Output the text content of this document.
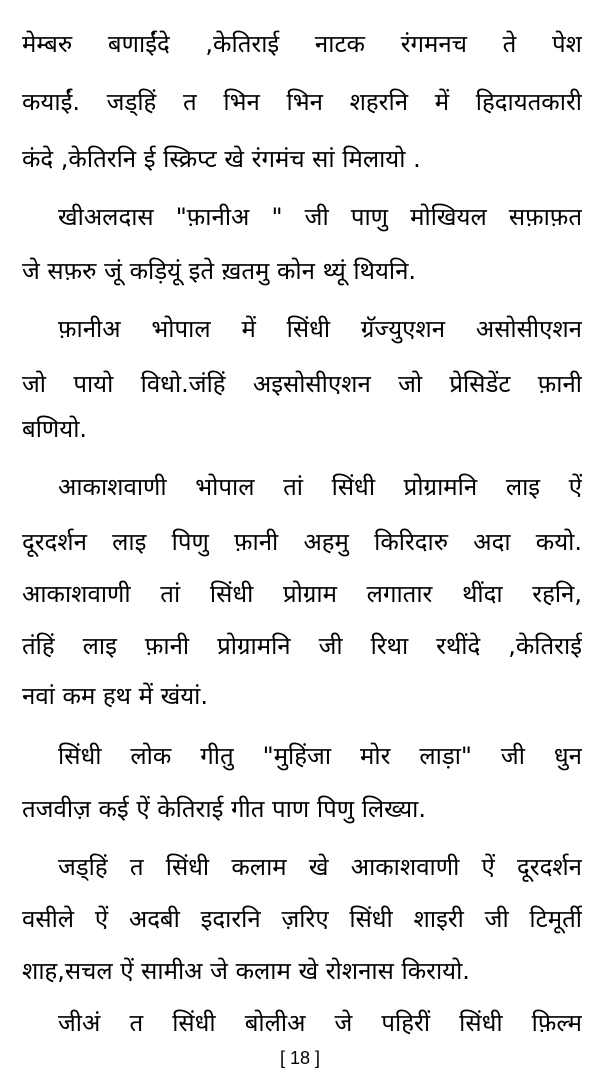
मेम्बरु बणाईंदे ,केतिराई नाटक रंगमनच ते पेश
कयाईं. जड्हिं त भिन भिन शहरनि में हिदायतकारी
कंदे ,केतिरनि ई स्क्रिप्ट खे रंगमंच सां मिलायो .
खीअलदास "फ़ानीअ " जी पाणु मोखियल सफ़ाफ़त
जे सफ़रु जूं कड़ियूं इते ख़तमु कोन थ्यूं थियनि.
फ़ानीअ भोपाल में सिंधी ग्रॅज्युएशन असोसीएशन
जो पायो विधो.जंहिं अइसोसीएशन जो प्रेसिडेंट फ़ानी
बणियो.
आकाशवाणी भोपाल तां सिंधी प्रोग्रामनि लाइ ऐं
दूरदर्शन लाइ पिणु फ़ानी अहमु किरिदारु अदा कयो.
आकाशवाणी तां सिंधी प्रोग्राम लगातार थींदा रहनि,
तंहिं लाइ फ़ानी प्रोग्रामनि जी रिथा रथींदे ,केतिराई
नवां कम हथ में खंयां.
सिंधी लोक गीतु "मुहिंजा मोर लाड़ा" जी धुन
तजवीज़ कई ऐं केतिराई गीत पाण पिणु लिख्या.
जड्हिं त सिंधी कलाम खे आकाशवाणी ऐं दूरदर्शन
वसीले ऐं अदबी इदारनि ज़रिए सिंधी शाइरी जी टिमूर्ती
शाह,सचल ऐं सामीअ जे कलाम खे रोशनास किरायो.
जीअं त सिंधी बोलीअ जे पहिरीं सिंधी फ़िल्म
[ 18 ]
